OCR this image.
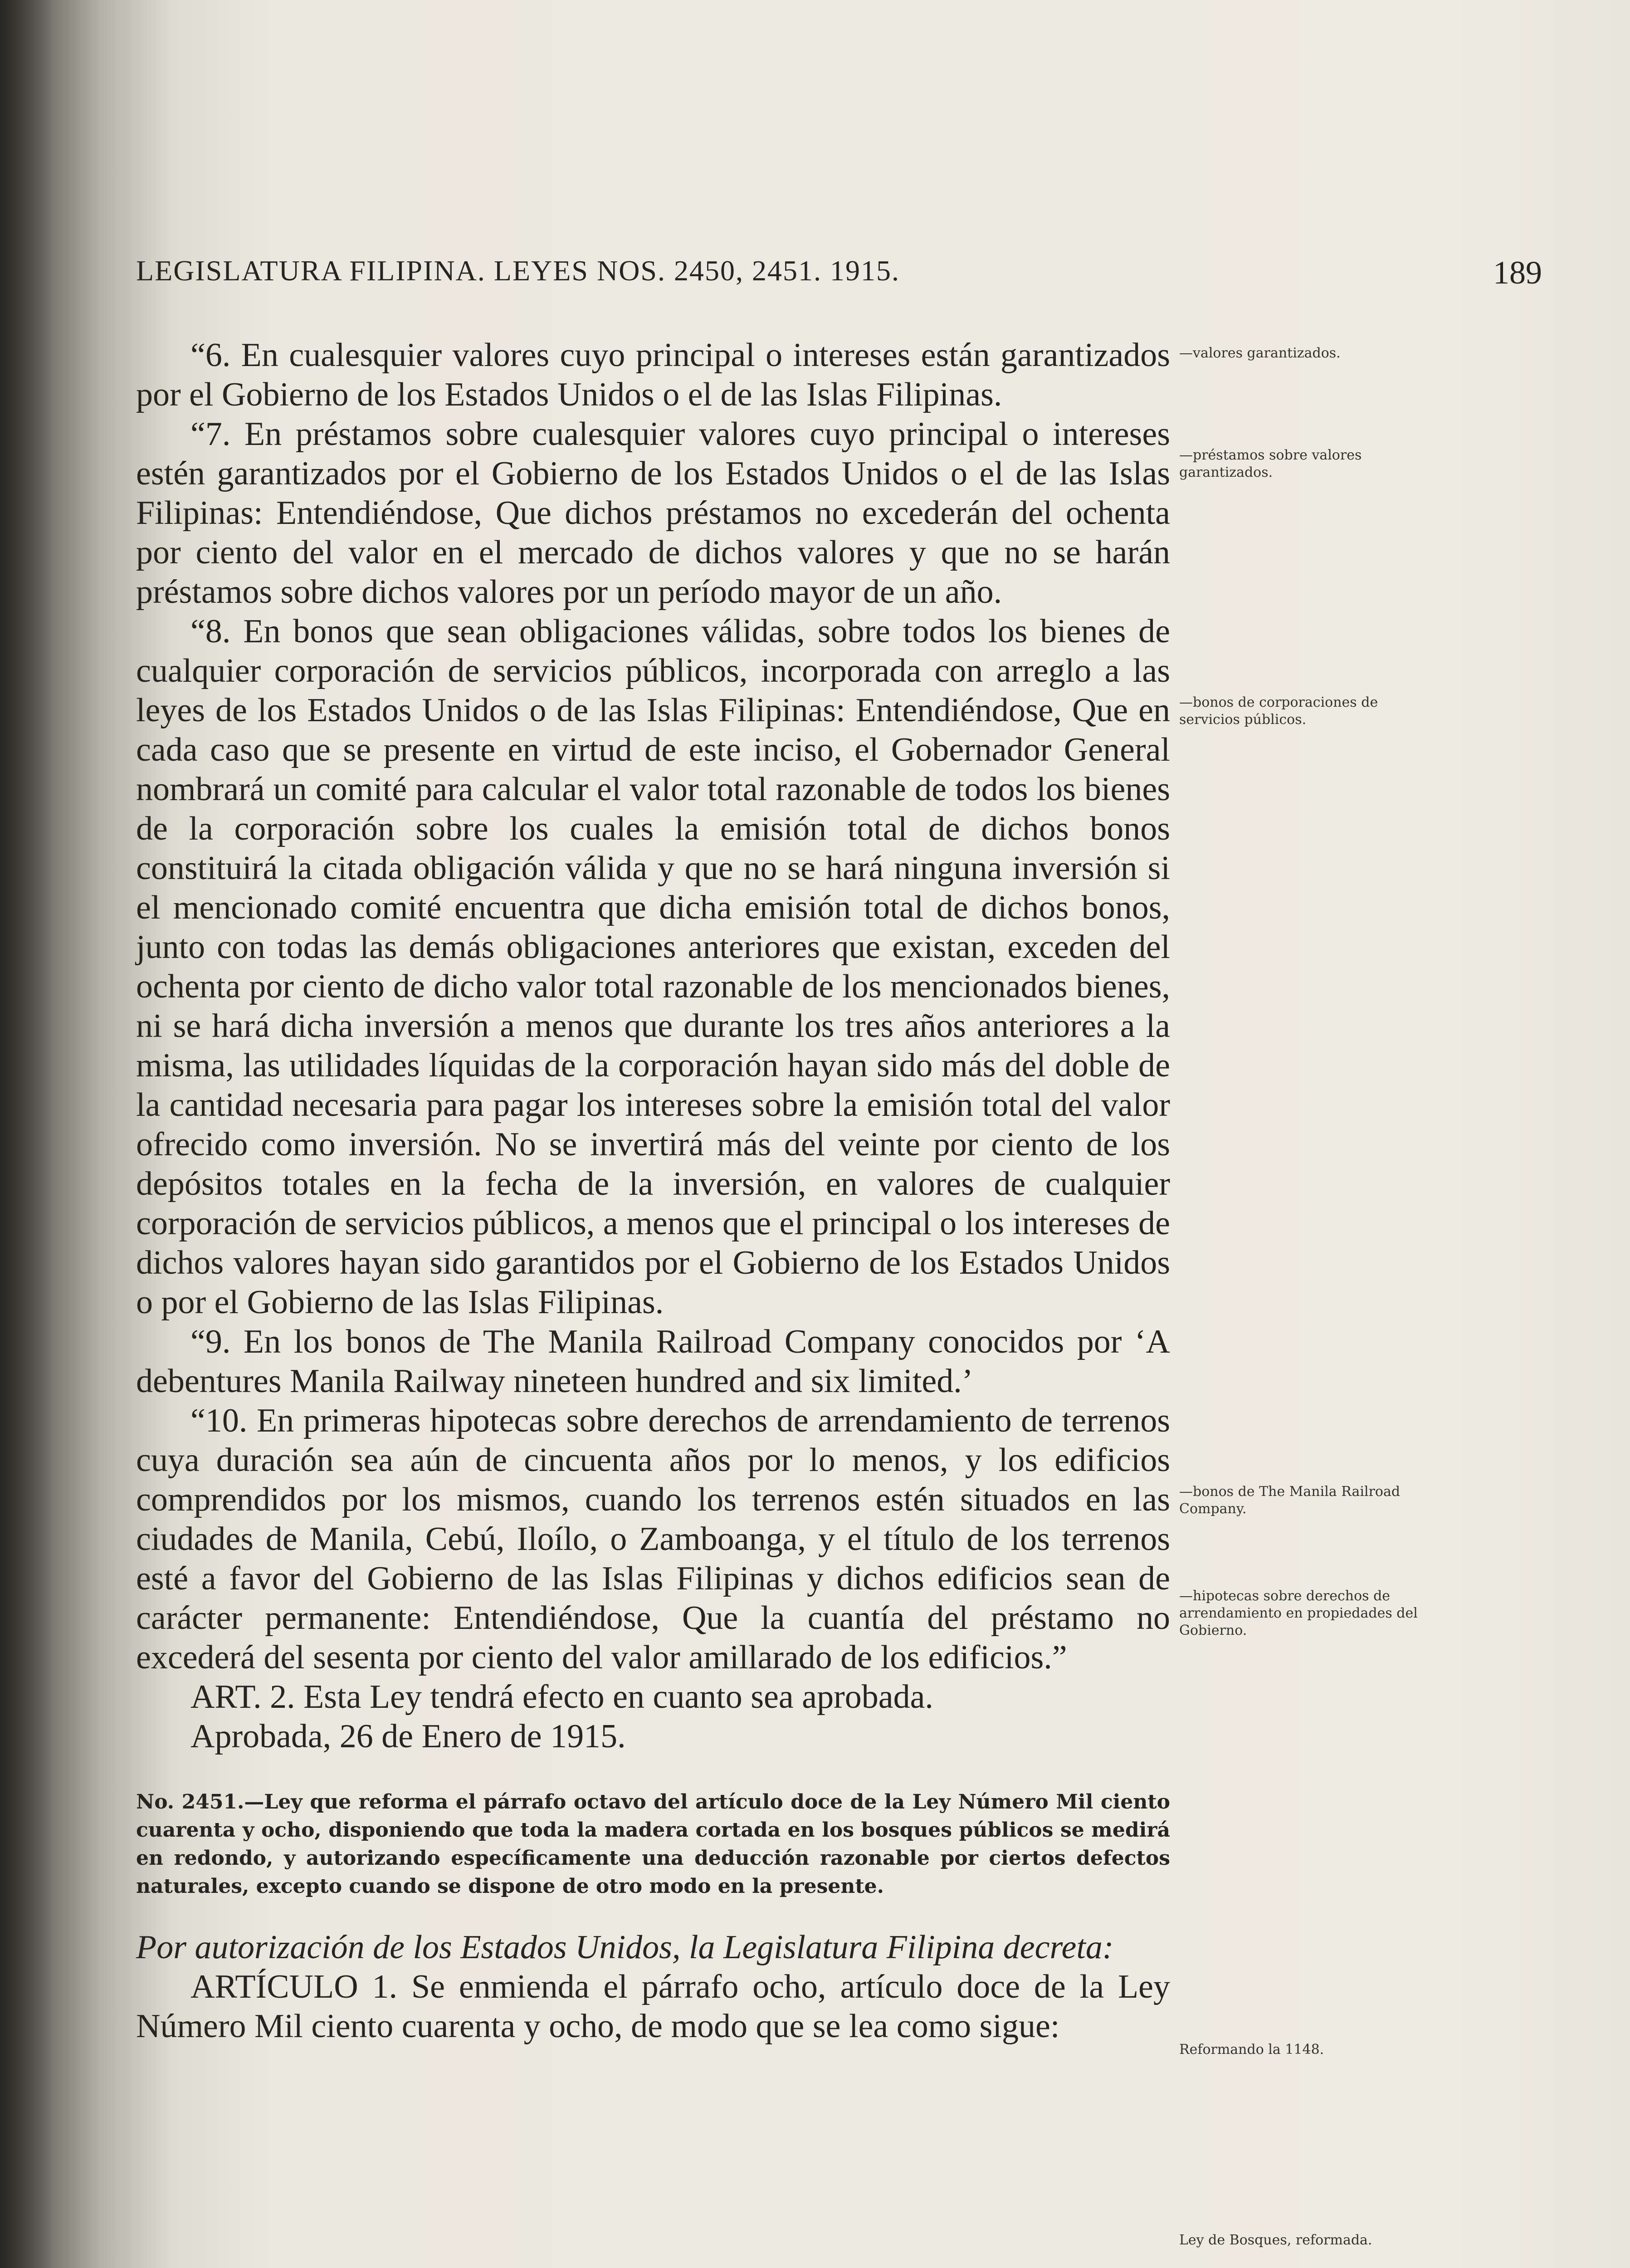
LEGISLATURA FILIPINA. LEYES NOS. 2450, 2451. 1915.	189

“6. En cualesquier valores cuyo principal o intereses están garantizados por el Gobierno de los Estados Unidos o el de las Islas Filipinas.

“7. En préstamos sobre cualesquier valores cuyo principal o intereses estén garantizados por el Gobierno de los Estados Unidos o el de las Islas Filipinas: Entendiéndose, Que dichos préstamos no excederán del ochenta por ciento del valor en el mercado de dichos valores y que no se harán préstamos sobre dichos valores por un período mayor de un año.

“8. En bonos que sean obligaciones válidas, sobre todos los bienes de cualquier corporación de servicios públicos, incorporada con arreglo a las leyes de los Estados Unidos o de las Islas Filipinas: Entendiéndose, Que en cada caso que se presente en virtud de este inciso, el Gobernador General nombrará un comité para calcular el valor total razonable de todos los bienes de la corporación sobre los cuales la emisión total de dichos bonos constituirá la citada obligación válida y que no se hará ninguna inversión si el mencionado comité encuentra que dicha emisión total de dichos bonos, junto con todas las demás obligaciones anteriores que existan, exceden del ochenta por ciento de dicho valor total razonable de los mencionados bienes, ni se hará dicha inversión a menos que durante los tres años anteriores a la misma, las utilidades líquidas de la corporación hayan sido más del doble de la cantidad necesaria para pagar los intereses sobre la emisión total del valor ofrecido como inversión. No se invertirá más del veinte por ciento de los depósitos totales en la fecha de la inversión, en valores de cualquier corporación de servicios públicos, a menos que el principal o los intereses de dichos valores hayan sido garantidos por el Gobierno de los Estados Unidos o por el Gobierno de las Islas Filipinas.

“9. En los bonos de The Manila Railroad Company conocidos por ‘A debentures Manila Railway nineteen hundred and six limited.’

“10. En primeras hipotecas sobre derechos de arrendamiento de terrenos cuya duración sea aún de cincuenta años por lo menos, y los edificios comprendidos por los mismos, cuando los terrenos estén situados en las ciudades de Manila, Cebú, Iloílo, o Zamboanga, y el título de los terrenos esté a favor del Gobierno de las Islas Filipinas y dichos edificios sean de carácter permanente: Entendiéndose, Que la cuantía del préstamo no excederá del sesenta por ciento del valor amillarado de los edificios.”

ART. 2. Esta Ley tendrá efecto en cuanto sea aprobada.

Aprobada, 26 de Enero de 1915.

No. 2451.—Ley que reforma el párrafo octavo del artículo doce de la Ley Número Mil ciento cuarenta y ocho, disponiendo que toda la madera cortada en los bosques públicos se medirá en redondo, y autorizando específicamente una deducción razonable por ciertos defectos naturales, excepto cuando se dispone de otro modo en la presente.

Por autorización de los Estados Unidos, la Legislatura Filipina decreta:

ARTÍCULO 1. Se enmienda el párrafo ocho, artículo doce de la Ley Número Mil ciento cuarenta y ocho, de modo que se lea como sigue:

—valores garantizados.
—préstamos sobre valores garantizados.
—bonos de corporaciones de servicios públicos.
—bonos de The Manila Railroad Company.
—hipotecas sobre derechos de arrendamiento en propiedades del Gobierno.
Reformando la 1148.
Ley de Bosques, reformada.
